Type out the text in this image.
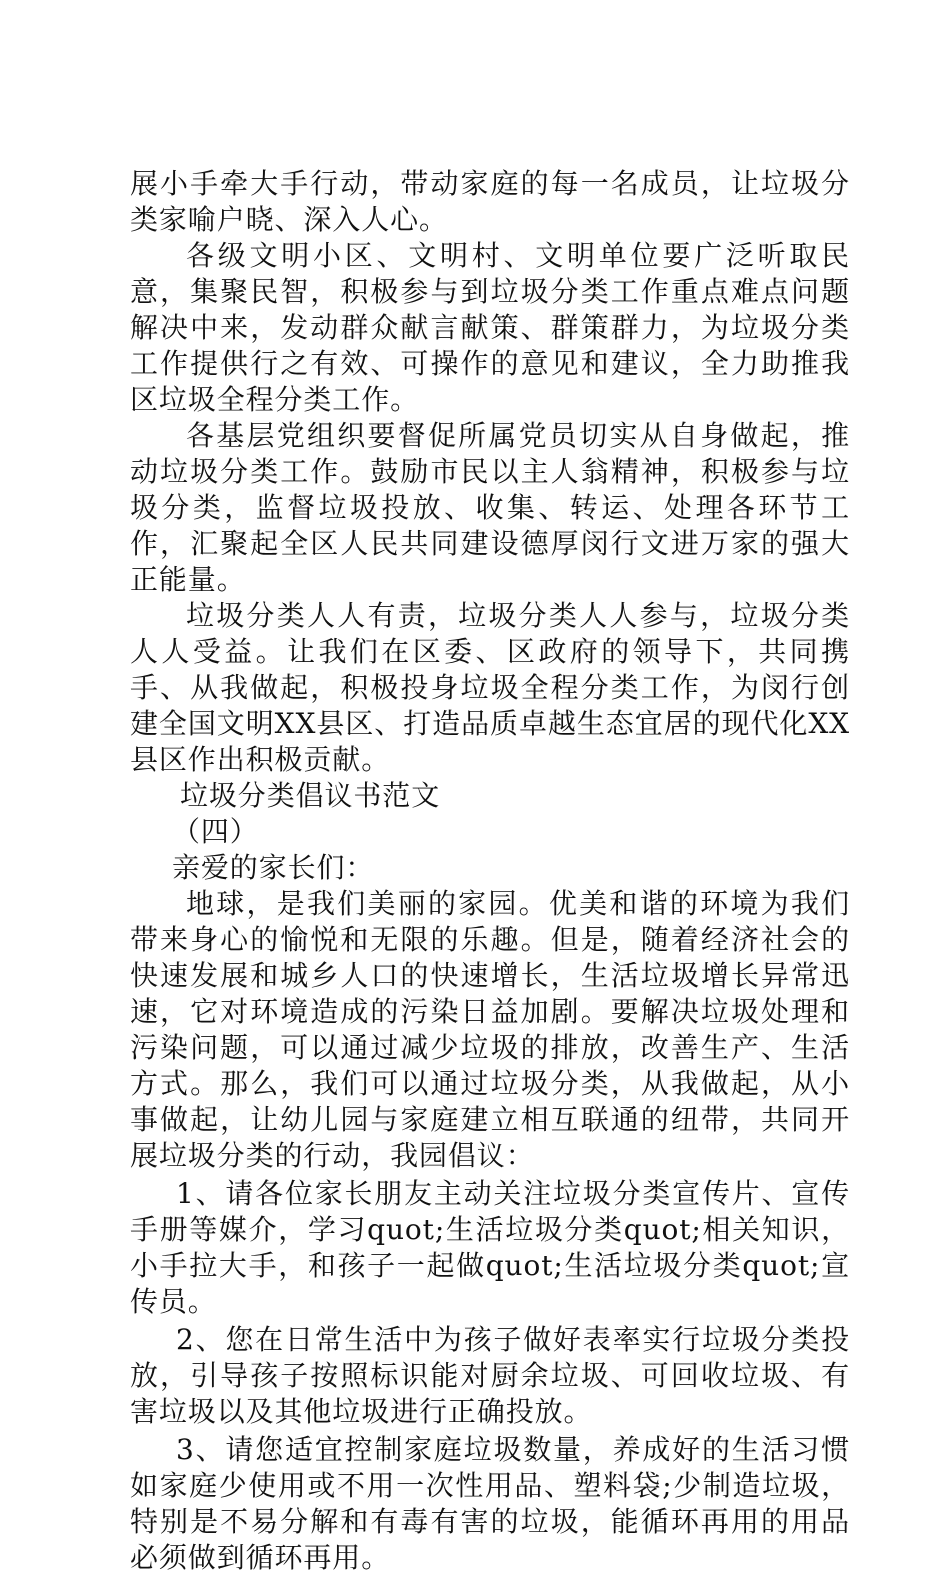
展小手牵大手行动，带动家庭的每一名成员，让垃圾分类家喻户晓、深入人心。

各级文明小区、文明村、文明单位要广泛听取民意，集聚民智，积极参与到垃圾分类工作重点难点问题解决中来，发动群众献言献策、群策群力，为垃圾分类工作提供行之有效、可操作的意见和建议，全力助推我区垃圾全程分类工作。

各基层党组织要督促所属党员切实从自身做起，推动垃圾分类工作。鼓励市民以主人翁精神，积极参与垃圾分类，监督垃圾投放、收集、转运、处理各环节工作，汇聚起全区人民共同建设德厚闵行文进万家的强大正能量。

垃圾分类人人有责，垃圾分类人人参与，垃圾分类人人受益。让我们在区委、区政府的领导下，共同携手、从我做起，积极投身垃圾全程分类工作，为闵行创建全国文明XX县区、打造品质卓越生态宜居的现代化XX县区作出积极贡献。

垃圾分类倡议书范文

（四）

亲爱的家长们：

地球，是我们美丽的家园。优美和谐的环境为我们带来身心的愉悦和无限的乐趣。但是，随着经济社会的快速发展和城乡人口的快速增长，生活垃圾增长异常迅速，它对环境造成的污染日益加剧。要解决垃圾处理和污染问题，可以通过减少垃圾的排放，改善生产、生活方式。那么，我们可以通过垃圾分类，从我做起，从小事做起，让幼儿园与家庭建立相互联通的纽带，共同开展垃圾分类的行动，我园倡议：

1、请各位家长朋友主动关注垃圾分类宣传片、宣传手册等媒介，学习quot;生活垃圾分类quot;相关知识，小手拉大手，和孩子一起做quot;生活垃圾分类quot;宣传员。

2、您在日常生活中为孩子做好表率实行垃圾分类投放，引导孩子按照标识能对厨余垃圾、可回收垃圾、有害垃圾以及其他垃圾进行正确投放。

3、请您适宜控制家庭垃圾数量，养成好的生活习惯如家庭少使用或不用一次性用品、塑料袋;少制造垃圾，特别是不易分解和有毒有害的垃圾，能循环再用的用品必须做到循环再用。
